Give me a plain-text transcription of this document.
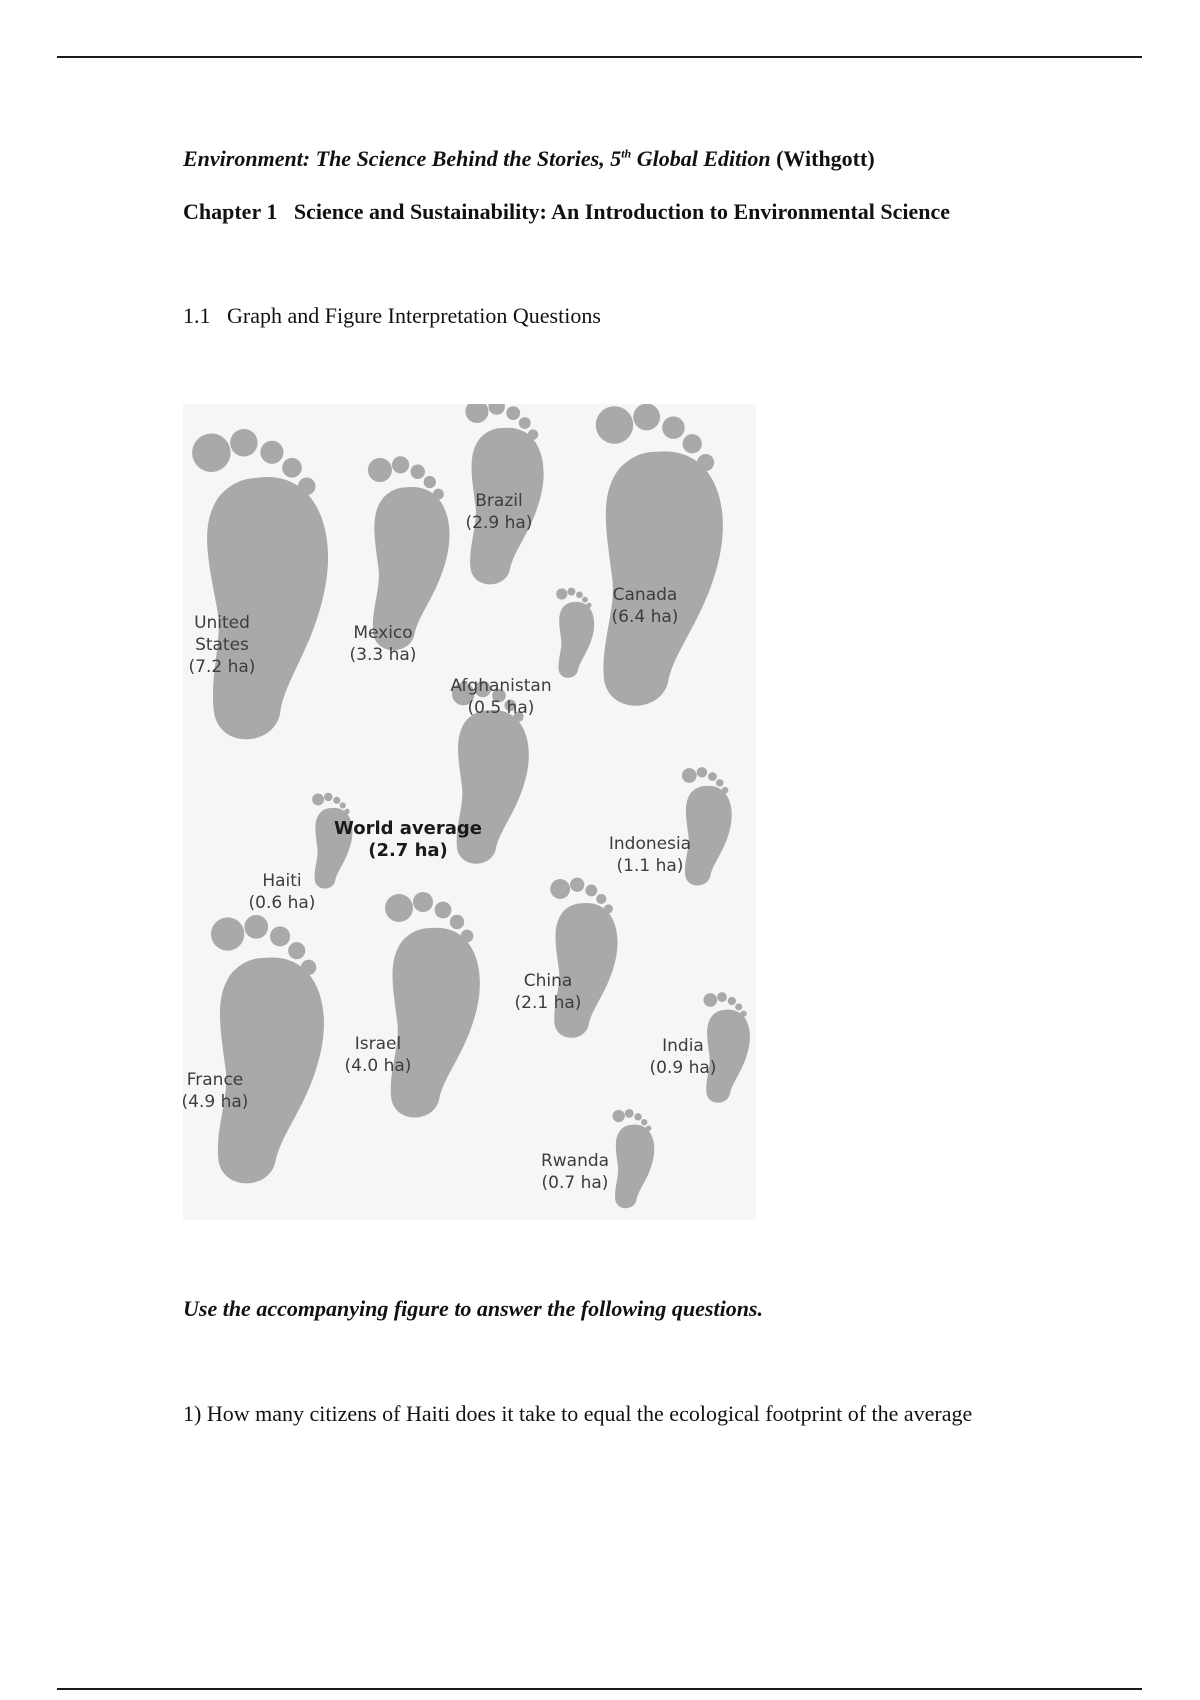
Environment: The Science Behind the Stories, 5th Global Edition (Withgott)
Chapter 1 Science and Sustainability: An Introduction to Environmental Science
1.1 Graph and Figure Interpretation Questions
United
States
(7.2 ha)
Brazil
(2.9 ha)
Mexico
(3.3 ha)
Canada
(6.4 ha)
Afghanistan
(0.5 ha)
World average
(2.7 ha)
Haiti
(0.6 ha)
Indonesia
(1.1 ha)
China
(2.1 ha)
Israel
(4.0 ha)
France
(4.9 ha)
India
(0.9 ha)
Rwanda
(0.7 ha)
Use the accompanying figure to answer the following questions.
1) How many citizens of Haiti does it take to equal the ecological footprint of the average
